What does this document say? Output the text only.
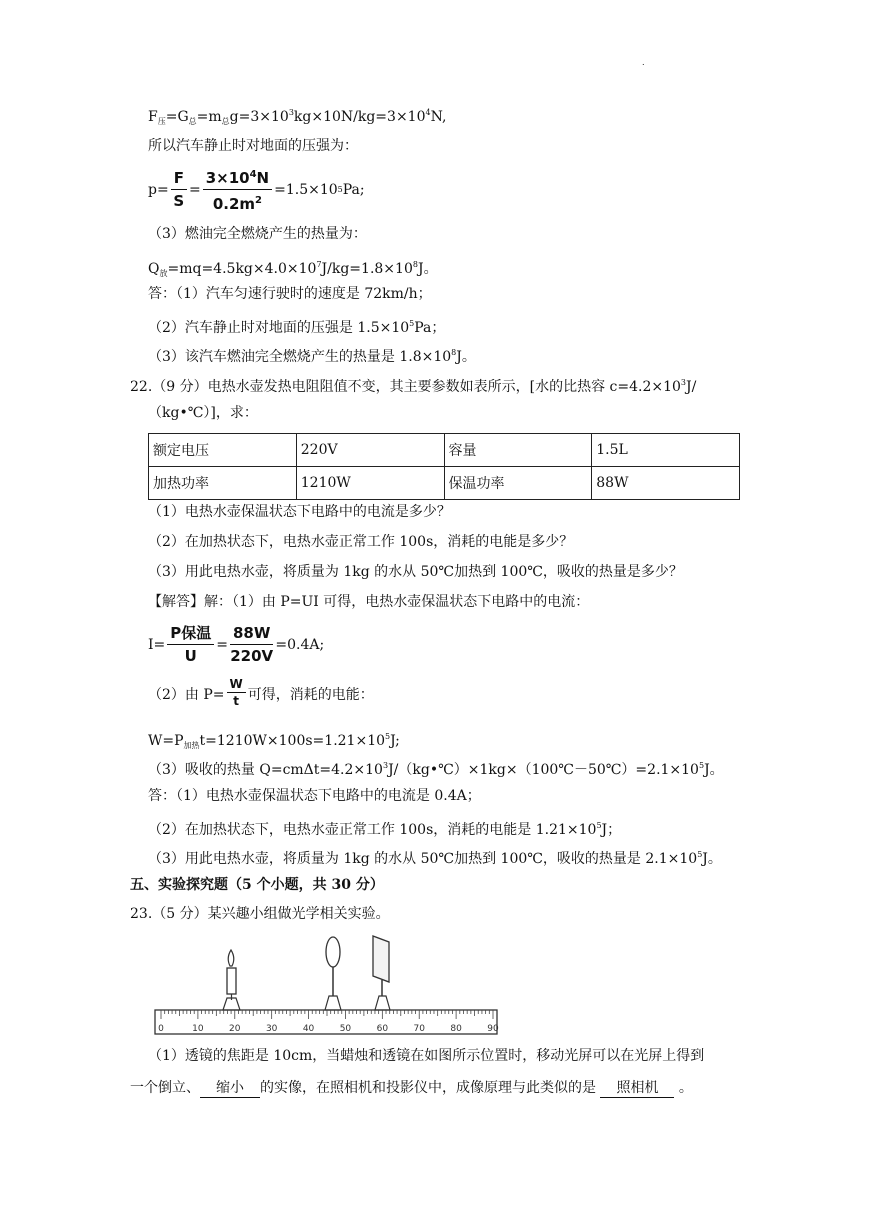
.
$F_压=G_总=m_总g=3\times 10^3kg\times 10N/kg=3\times 10^4N$,
所以汽车静止时对地面的压强为：
$p= \frac{F}{S} = \frac{3\times 10^4N}{0.2m^2} =1.5\times 10$ 5 Pa;
（3）燃油完全燃烧产生的热量为：
$Q_放=mq=4.5kg\times 4.0\times 10^7J/kg=1.8\times 10^8J$。
答：（1）汽车匀速行驶时的速度是 72km/h；
（2）汽车静止时对地面的压强是 $1.5\times 10^5Pa$；
（3）该汽车燃油完全燃烧产生的热量是 $1.8\times 10^8J$。
22.（9 分）电热水壶发热电阻阻值不变，其主要参数如表所示，[水的比热容 $c=4.2\times 10^3J/$
（kg•℃）]，求：
额定电压	220V	容量	1.5L
加热功率	1210W	保温功率	88W
（1）电热水壶保温状态下电路中的电流是多少？
（2）在加热状态下，电热水壶正常工作 100s，消耗的电能是多少？
（3）用此电热水壶，将质量为 1kg 的水从 50℃加热到 100℃，吸收的热量是多少？
【解答】解：（1）由 P=UI 可得，电热水壶保温状态下电路中的电流：
$I= \frac{\text{P保温}}{U} = \frac{88W}{220V} =0.4A$;
（2）由 $P= \frac{W}{t}$ 可得，消耗的电能：
$W=P_{加热}t=1210W\times 100s=1.21\times 10^5J$;
（3）吸收的热量 $Q=cm\Delta t=4.2\times 10^3J/(kg•℃)\times 1kg\times(100℃-50℃)=2.1\times 10^5J$。
答：（1）电热水壶保温状态下电路中的电流是 0.4A；
（2）在加热状态下，电热水壶正常工作 100s，消耗的电能是 $1.21\times 10^5J$；
（3）用此电热水壶，将质量为 1kg 的水从 50℃加热到 100℃，吸收的热量是 $2.1\times 10^5J$。
五、实验探究题（5 个小题，共 30 分）
23.（5 分）某兴趣小组做光学相关实验。
0	10	20	30	40	50	60	70	80	90
（1）透镜的焦距是 10cm，当蜡烛和透镜在如图所示位置时，移动光屏可以在光屏上得到
一个倒立、 缩小 的实像，在照相机和投影仪中，成像原理与此类似的是 照相机 。
